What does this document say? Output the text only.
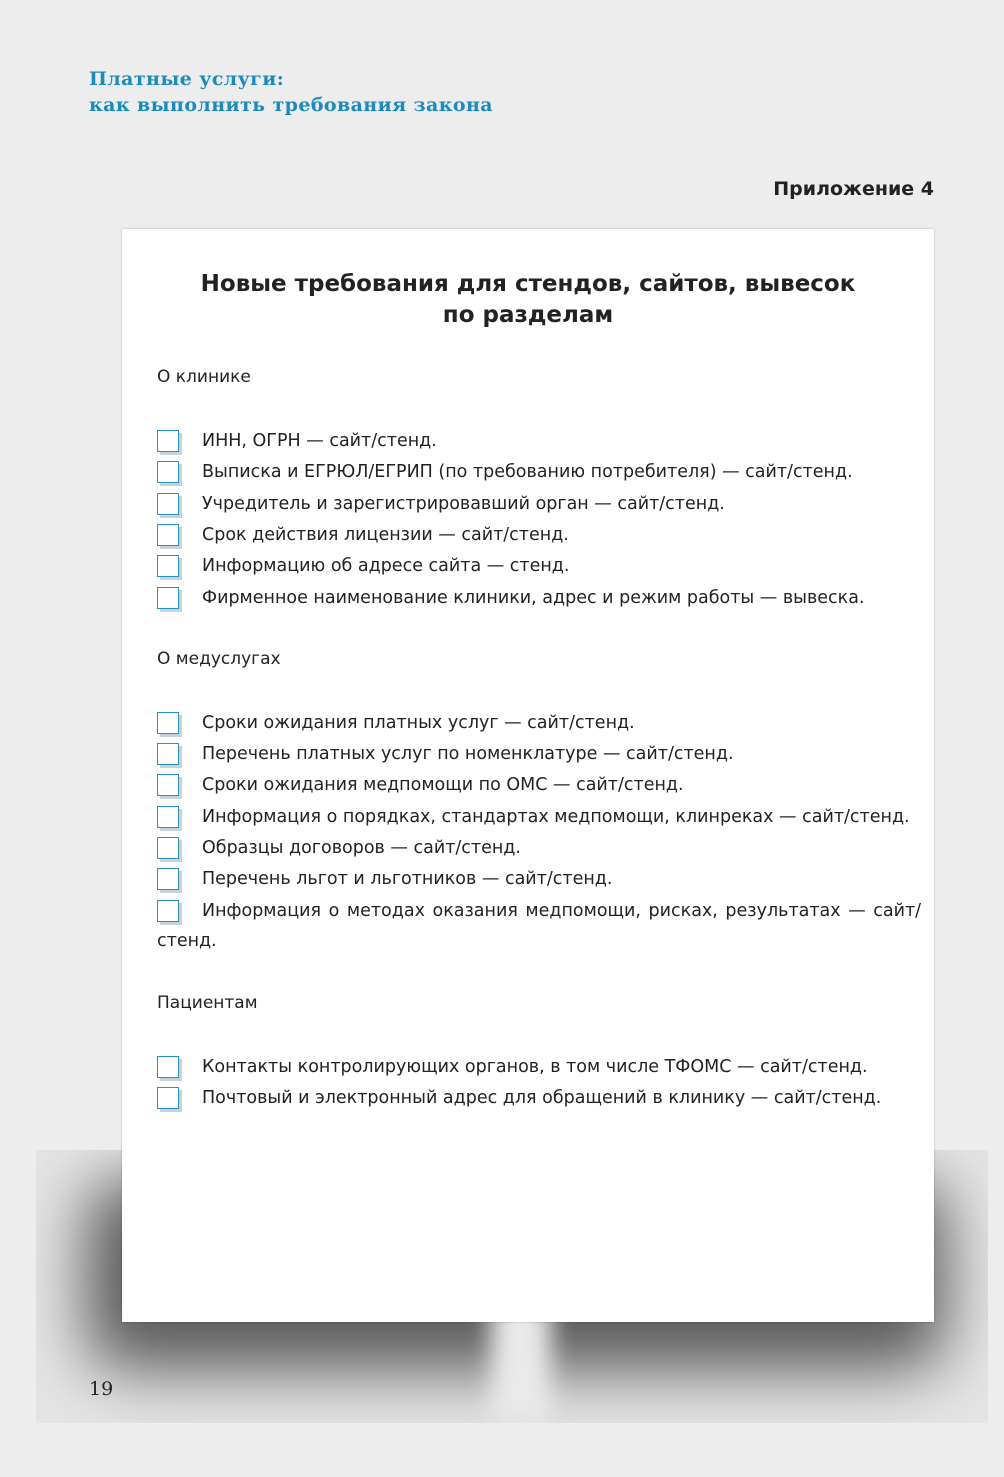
Платные услуги:
как выполнить требования закона
Приложение 4
Новые требования для стендов, сайтов, вывесок
по разделам
О клинике
ИНН, ОГРН — сайт/стенд.
Выписка и ЕГРЮЛ/ЕГРИП (по требованию потребителя) — сайт/стенд.
Учредитель и зарегистрировавший орган — сайт/стенд.
Срок действия лицензии — сайт/стенд.
Информацию об адресе сайта — стенд.
Фирменное наименование клиники, адрес и режим работы — вывеска.
О медуслугах
Сроки ожидания платных услуг — сайт/стенд.
Перечень платных услуг по номенклатуре — сайт/стенд.
Сроки ожидания медпомощи по ОМС — сайт/стенд.
Информация о порядках, стандартах медпомощи, клинреках — сайт/стенд.
Образцы договоров — сайт/стенд.
Перечень льгот и льготников — сайт/стенд.
Информация о методах оказания медпомощи, рисках, результатах — сайт/
стенд.
Пациентам
Контакты контролирующих органов, в том числе ТФОМС — сайт/стенд.
Почтовый и электронный адрес для обращений в клинику — сайт/стенд.
19
